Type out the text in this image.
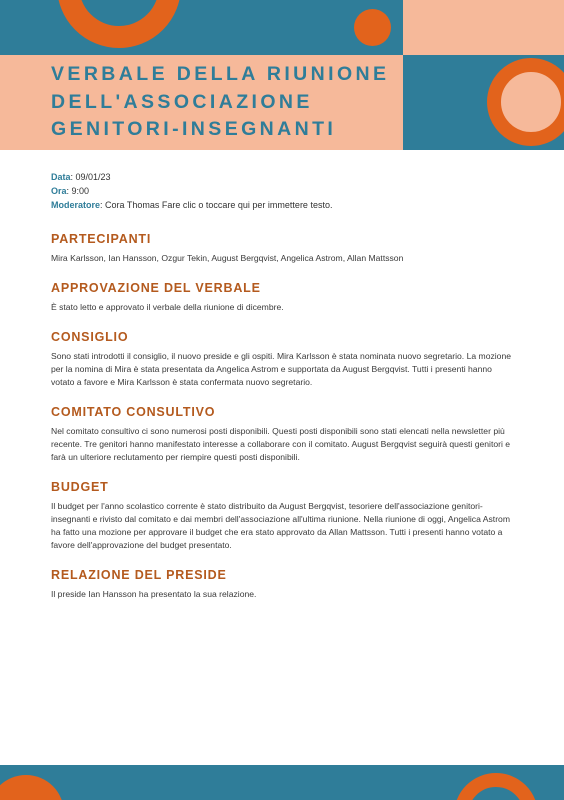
VERBALE DELLA RIUNIONE
DELL'ASSOCIAZIONE
GENITORI-INSEGNANTI
Data: 09/01/23
Ora: 9:00
Moderatore: Cora Thomas Fare clic o toccare qui per immettere testo.
PARTECIPANTI

Mira Karlsson, Ian Hansson, Ozgur Tekin, August Bergqvist, Angelica Astrom, Allan Mattsson

APPROVAZIONE DEL VERBALE

È stato letto e approvato il verbale della riunione di dicembre.

CONSIGLIO

Sono stati introdotti il consiglio, il nuovo preside e gli ospiti. Mira Karlsson è stata nominata nuovo segretario. La mozione per la nomina di Mira è stata presentata da Angelica Astrom e supportata da August Bergqvist. Tutti i presenti hanno votato a favore e Mira Karlsson è stata confermata nuovo segretario.

COMITATO CONSULTIVO

Nel comitato consultivo ci sono numerosi posti disponibili. Questi posti disponibili sono stati elencati nella newsletter più recente. Tre genitori hanno manifestato interesse a collaborare con il comitato. August Bergqvist seguirà questi genitori e farà un ulteriore reclutamento per riempire questi posti disponibili.

BUDGET

Il budget per l'anno scolastico corrente è stato distribuito da August Bergqvist, tesoriere dell'associazione genitori-insegnanti e rivisto dal comitato e dai membri dell'associazione all'ultima riunione. Nella riunione di oggi, Angelica Astrom ha fatto una mozione per approvare il budget che era stato approvato da Allan Mattsson. Tutti i presenti hanno votato a favore dell'approvazione del budget presentato.

RELAZIONE DEL PRESIDE

Il preside Ian Hansson ha presentato la sua relazione.
